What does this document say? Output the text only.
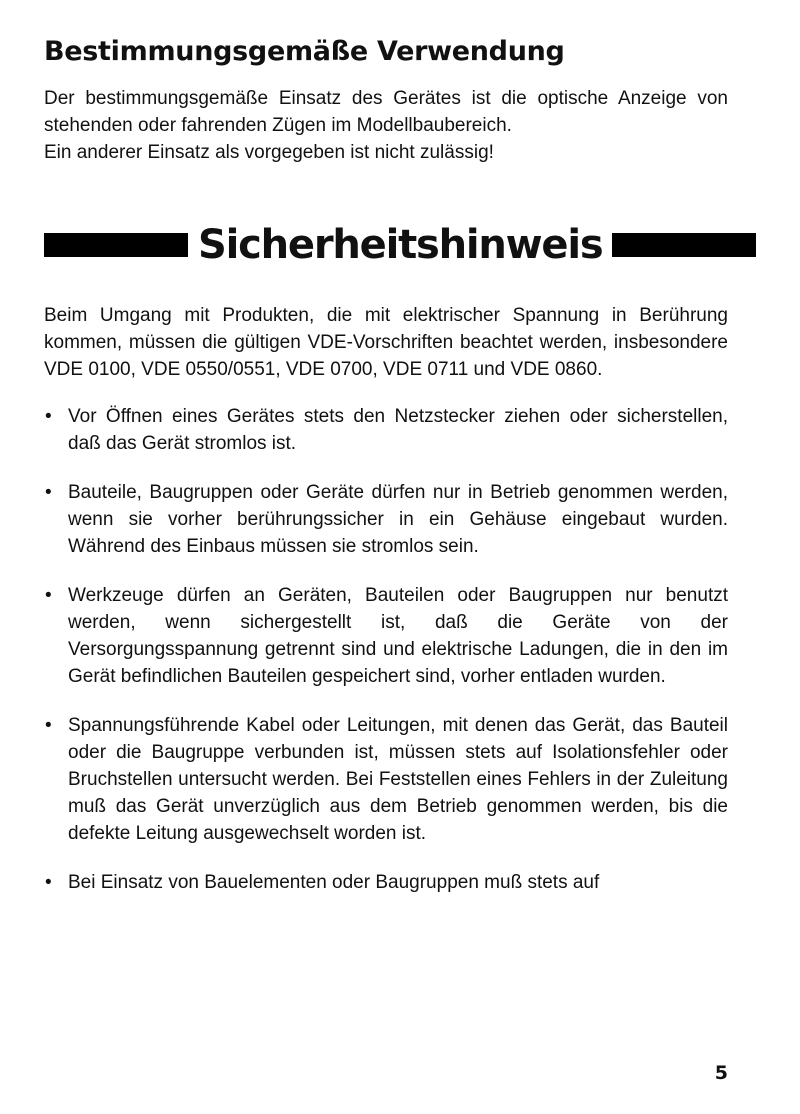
Bestimmungsgemäße Verwendung

Der bestimmungsgemäße Einsatz des Gerätes ist die optische Anzeige von stehenden oder fahrenden Zügen im Modellbaubereich.
Ein anderer Einsatz als vorgegeben ist nicht zulässig!

Sicherheitshinweis

Beim Umgang mit Produkten, die mit elektrischer Spannung in Berührung kommen, müssen die gültigen VDE-Vorschriften beachtet werden, insbesondere VDE 0100, VDE 0550/0551, VDE 0700, VDE 0711 und VDE 0860.

• Vor Öffnen eines Gerätes stets den Netzstecker ziehen oder sicherstellen, daß das Gerät stromlos ist.
• Bauteile, Baugruppen oder Geräte dürfen nur in Betrieb genommen werden, wenn sie vorher berührungssicher in ein Gehäuse eingebaut wurden. Während des Einbaus müssen sie stromlos sein.
• Werkzeuge dürfen an Geräten, Bauteilen oder Baugruppen nur benutzt werden, wenn sichergestellt ist, daß die Geräte von der Versorgungsspannung getrennt sind und elektrische Ladungen, die in den im Gerät befindlichen Bauteilen gespeichert sind, vorher entladen wurden.
• Spannungsführende Kabel oder Leitungen, mit denen das Gerät, das Bauteil oder die Baugruppe verbunden ist, müssen stets auf Isolationsfehler oder Bruchstellen untersucht werden. Bei Feststellen eines Fehlers in der Zuleitung muß das Gerät unverzüglich aus dem Betrieb genommen werden, bis die defekte Leitung ausgewechselt worden ist.
• Bei Einsatz von Bauelementen oder Baugruppen muß stets auf
5
